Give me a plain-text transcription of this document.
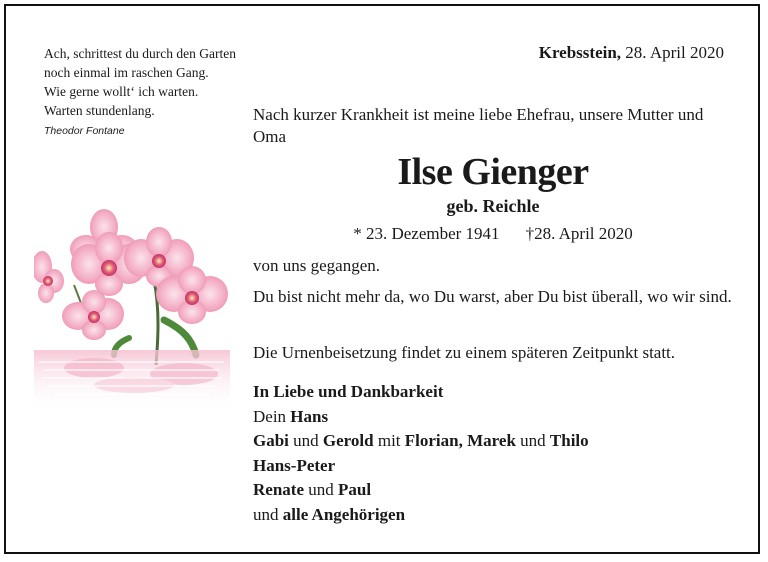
Ach, schrittest du durch den Garten
noch einmal im raschen Gang.
Wie gerne wollt‘ ich warten.
Warten stundenlang.
Theodor Fontane
Krebsstein, 28. April 2020
Nach kurzer Krankheit ist meine liebe Ehefrau, unsere Mutter und Oma
Ilse Gienger
geb. Reichle
* 23. Dezember 1941 †28. April 2020
von uns gegangen.
Du bist nicht mehr da, wo Du warst, aber Du bist überall, wo wir sind.
Die Urnenbeisetzung findet zu einem späteren Zeitpunkt statt.
In Liebe und Dankbarkeit
Dein Hans
Gabi und Gerold mit Florian, Marek und Thilo
Hans-Peter
Renate und Paul
und alle Angehörigen
